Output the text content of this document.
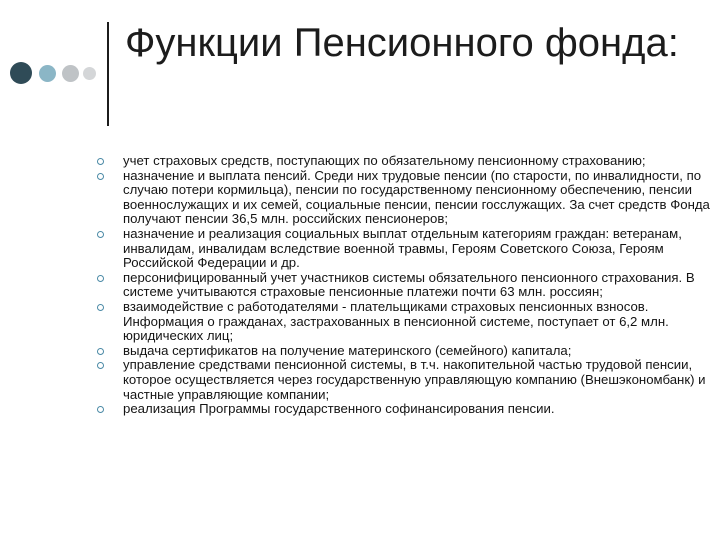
Функции Пенсионного фонда:
учет страховых средств, поступающих по обязательному пенсионному страхованию;
назначение и выплата пенсий. Среди них трудовые пенсии (по старости, по инвалидности, по случаю потери кормильца), пенсии по государственному пенсионному обеспечению, пенсии военнослужащих и их семей, социальные пенсии, пенсии госслужащих. За счет средств Фонда получают пенсии 36,5 млн. российских пенсионеров;
назначение и реализация социальных выплат отдельным категориям граждан: ветеранам, инвалидам, инвалидам вследствие военной травмы, Героям Советского Союза, Героям Российской Федерации и др.
персонифицированный учет участников системы обязательного пенсионного страхования. В системе учитываются страховые пенсионные платежи почти 63 млн. россиян;
взаимодействие с работодателями - плательщиками страховых пенсионных взносов. Информация о гражданах, застрахованных в пенсионной системе, поступает от 6,2 млн. юридических лиц;
выдача сертификатов на получение материнского (семейного) капитала;
управление средствами пенсионной системы, в т.ч. накопительной частью трудовой пенсии, которое осуществляется через государственную управляющую компанию (Внешэкономбанк) и частные управляющие компании;
реализация Программы государственного софинансирования пенсии.
